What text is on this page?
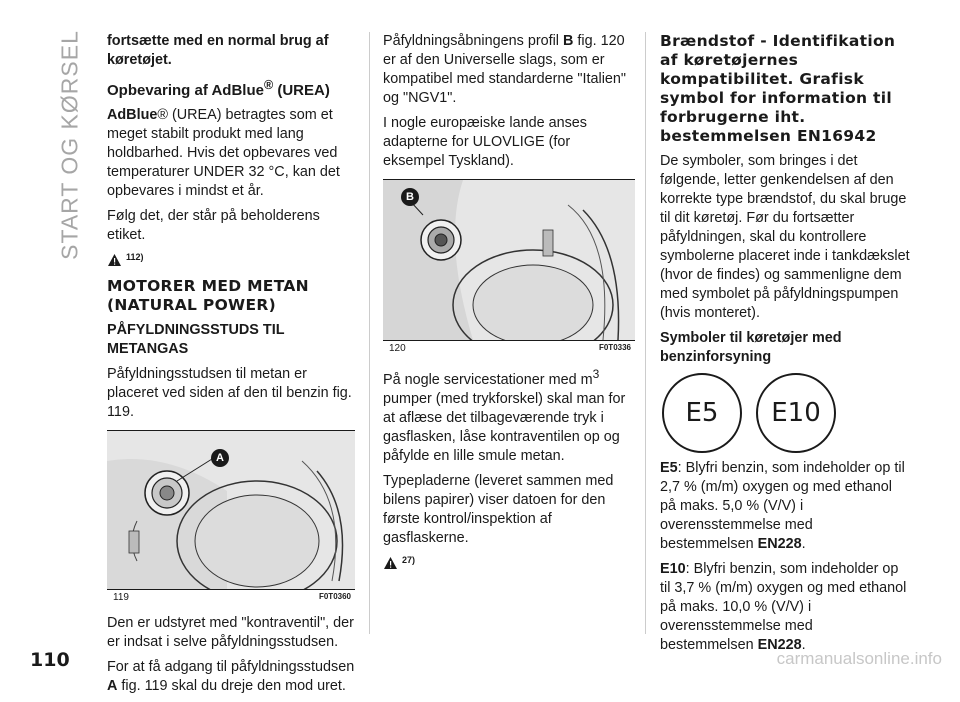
START OG KØRSEL fortsætte med en normal brug af køretøjet.

Opbevaring af AdBlue® (UREA)

AdBlue® (UREA) betragtes som et meget stabilt produkt med lang holdbarhed. Hvis det opbevares ved temperaturer UNDER 32 °C, kan det opbevares i mindst et år.

Følg det, der står på beholderens etiket.

112)
MOTORER MED METAN (NATURAL POWER)
PÅFYLDNINGSSTUDS TIL METANGAS

Påfyldningsstudsen til metan er placeret ved siden af den til benzin fig. 119.

A
119	F0T0360

Den er udstyret med "kontraventil", der er indsat i selve påfyldningsstudsen.

For at få adgang til påfyldningsstudsen A fig. 119 skal du dreje den mod uret.

Påfyldningsåbningens profil B fig. 120 er af den Universelle slags, som er kompatibel med standarderne "Italien" og "NGV1".

I nogle europæiske lande anses adapterne for ULOVLIGE (for eksempel Tyskland).

B
120	F0T0336

På nogle servicestationer med $m^3$ pumper (med trykforskel) skal man for at aflæse det tilbageværende tryk i gasflasken, låse kontraventilen op og påfylde en lille smule metan.

Typepladerne (leveret sammen med bilens papirer) viser datoen for den første kontrol/inspektion af gasflaskerne.

27)
Brændstof - Identifikation af køretøjernes kompatibilitet. Grafisk symbol for information til forbrugerne iht. bestemmelsen EN16942

De symboler, som bringes i det følgende, letter genkendelsen af den korrekte type brændstof, du skal bruge til dit køretøj. Før du fortsætter påfyldningen, skal du kontrollere symbolerne placeret inde i tankdækslet (hvor de findes) og sammenligne dem med symbolet på påfyldningspumpen (hvis monteret).

Symboler til køretøjer med benzinforsyning
E5	E10

E5: Blyfri benzin, som indeholder op til 2,7 % (m/m) oxygen og med ethanol på maks. 5,0 % (V/V) i overensstemmelse med bestemmelsen EN228.

E10: Blyfri benzin, som indeholder op til 3,7 % (m/m) oxygen og med ethanol på maks. 10,0 % (V/V) i overensstemmelse med bestemmelsen EN228.

110	carmanualsonline.info
